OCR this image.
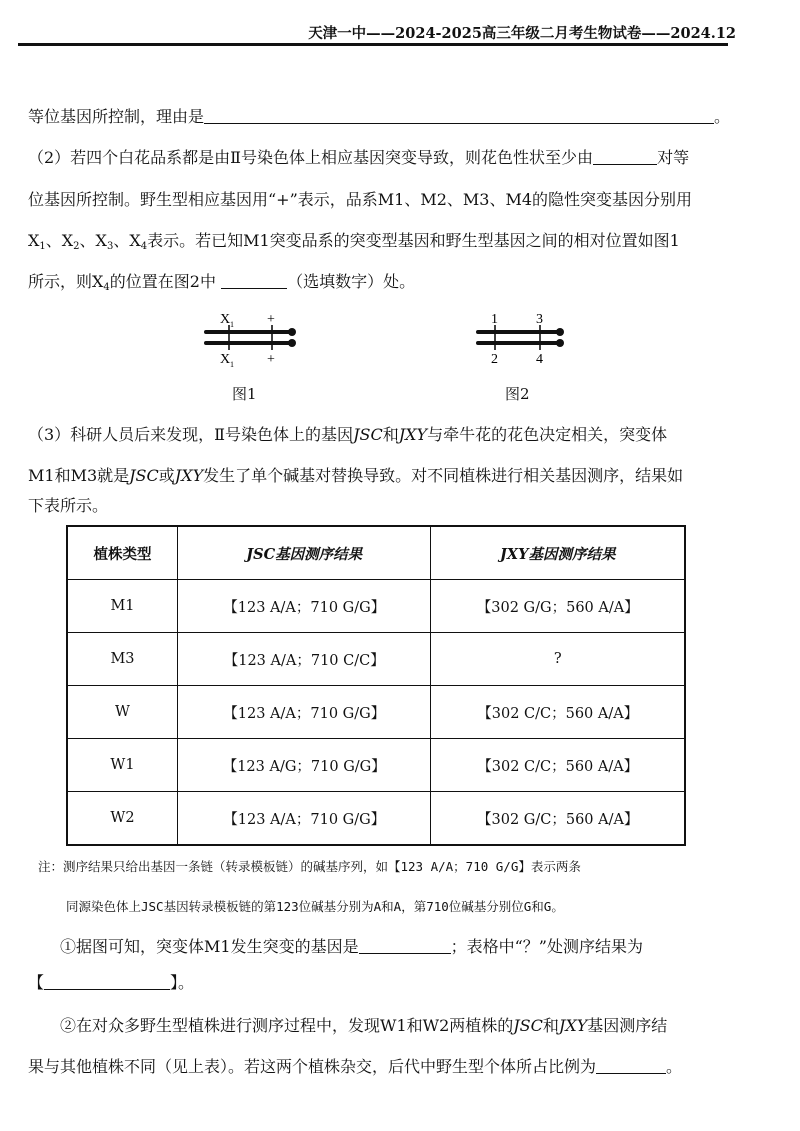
天津一中——2024-2025高三年级二月考生物试卷——2024.12
等位基因所控制，理由是	。
（2）若四个白花品系都是由Ⅱ号染色体上相应基因突变导致，则花色性状至少由	对等
位基因所控制。野生型相应基因用“+”表示，品系M1、M2、M3、M4的隐性突变基因分别用
$X_1$、$X_2$、$X_3$、$X_4$表示。若已知M1突变品系的突变型基因和野生型基因之间的相对位置如图1
所示，则$X_4$的位置在图2中	（选填数字）处。
X 1 +
X 1 +
图1
1	3
2	4
图2
（3）科研人员后来发现，Ⅱ号染色体上的基因JSC和JXY与牵牛花的花色决定相关，突变体
M1和M3就是JSC或JXY发生了单个碱基对替换导致。对不同植株进行相关基因测序，结果如
下表所示。
植株类型	JSC基因测序结果	JXY基因测序结果
M1	【123 A/A；710 G/G】	【302 G/G；560 A/A】
M3	【123 A/A；710 C/C】	?
W	【123 A/A；710 G/G】	【302 C/C；560 A/A】
W1	【123 A/G；710 G/G】	【302 C/C；560 A/A】
W2	【123 A/A；710 G/G】	【302 G/C；560 A/A】
注：测序结果只给出基因一条链（转录模板链）的碱基序列，如【123 A/A；710 G/G】表示两条
同源染色体上JSC基因转录模板链的第123位碱基分别为A和A，第710位碱基分别位G和G。
①据图可知，突变体M1发生突变的基因是	；表格中“？”处测序结果为
【	】。
②在对众多野生型植株进行测序过程中，发现W1和W2两植株的JSC和JXY基因测序结
果与其他植株不同（见上表）。若这两个植株杂交，后代中野生型个体所占比例为	。
